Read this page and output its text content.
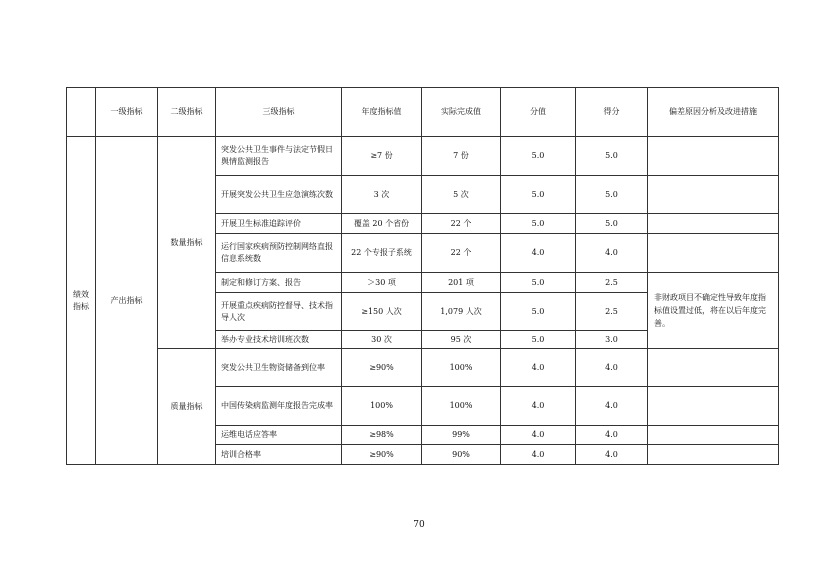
	一级指标	二级指标	三级指标	年度指标值	实际完成值	分值	得分	偏差原因分析及改进措施
绩效指标	产出指标	数量指标	突发公共卫生事件与法定节假日舆情监测报告	≥7 份	7 份	5.0	5.0	
			开展突发公共卫生应急演练次数	3 次	5 次	5.0	5.0	
			开展卫生标准追踪评价	覆盖 20 个省份	22 个	5.0	5.0	
			运行国家疾病预防控制网络直报信息系统数	22 个专报子系统	22 个	4.0	4.0	
			制定和修订方案、报告	＞30 项	201 项	5.0	2.5	非财政项目不确定性导致年度指标值设置过低，将在以后年度完善。
			开展重点疾病防控督导、技术指导人次	≥150 人次	1,079 人次	5.0	2.5	
			举办专业技术培训班次数	30 次	95 次	5.0	3.0	
		质量指标	突发公共卫生物资储备到位率	≥90%	100%	4.0	4.0	
			中国传染病监测年度报告完成率	100%	100%	4.0	4.0	
			运维电话应答率	≥98%	99%	4.0	4.0	
			培训合格率	≥90%	90%	4.0	4.0	
70
